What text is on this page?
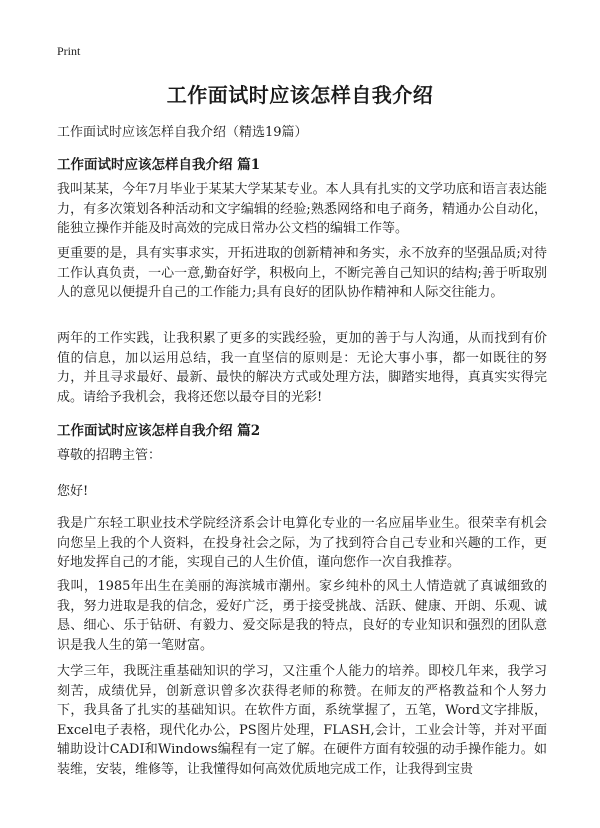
Print
工作面试时应该怎样自我介绍
工作面试时应该怎样自我介绍（精选19篇）
工作面试时应该怎样自我介绍 篇1
我叫某某，今年7月毕业于某某大学某某专业。本人具有扎实的文学功底和语言表达能力，有多次策划各种活动和文字编辑的经验;熟悉网络和电子商务，精通办公自动化，能独立操作并能及时高效的完成日常办公文档的编辑工作等。
更重要的是，具有实事求实，开拓进取的创新精神和务实，永不放弃的坚强品质;对待工作认真负责，一心一意,勤奋好学，积极向上，不断完善自己知识的结构;善于听取别人的意见以便提升自己的工作能力;具有良好的团队协作精神和人际交往能力。
两年的工作实践，让我积累了更多的实践经验，更加的善于与人沟通，从而找到有价值的信息，加以运用总结，我一直坚信的原则是：无论大事小事，都一如既往的努力，并且寻求最好、最新、最快的解决方式或处理方法，脚踏实地得，真真实实得完成。请给予我机会，我将还您以最夺目的光彩!
工作面试时应该怎样自我介绍 篇2
尊敬的招聘主管：
您好!
我是广东轻工职业技术学院经济系会计电算化专业的一名应届毕业生。很荣幸有机会向您呈上我的个人资料，在投身社会之际，为了找到符合自己专业和兴趣的工作，更好地发挥自己的才能，实现自己的人生价值，谨向您作一次自我推荐。
我叫，1985年出生在美丽的海滨城市潮州。家乡纯朴的风土人情造就了真诚细致的我，努力进取是我的信念，爱好广泛，勇于接受挑战、活跃、健康、开朗、乐观、诚恳、细心、乐于钻研、有毅力、爱交际是我的特点，良好的专业知识和强烈的团队意识是我人生的第一笔财富。
大学三年，我既注重基础知识的学习，又注重个人能力的培养。即校几年来，我学习刻苦，成绩优异，创新意识曾多次获得老师的称赞。在师友的严格教益和个人努力下，我具备了扎实的基础知识。在软件方面，系统掌握了，五笔，Word文字排版，Excel电子表格，现代化办公，PS图片处理，FLASH,会计，工业会计等，并对平面辅助设计CADI和Windows编程有一定了解。在硬件方面有较强的动手操作能力。如装维，安装，维修等，让我懂得如何高效优质地完成工作，让我得到宝贵
